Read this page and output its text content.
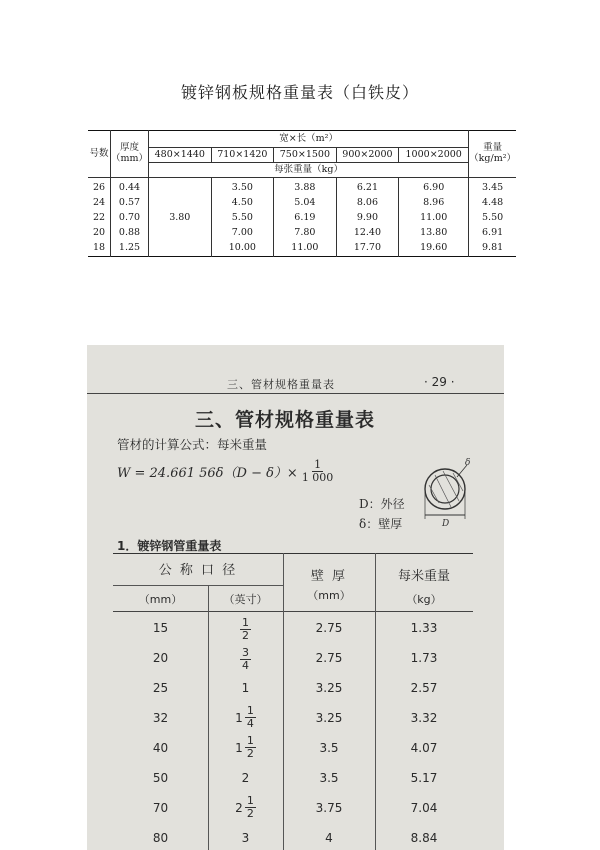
镀锌钢板规格重量表（白铁皮）
号数	厚度（mm）	宽×长（m²）					重量（kg/m²）
		480×1440	710×1420	750×1500	900×2000	1000×2000	
		每张重量（kg）					
26	0.44	3.80	3.50	3.88	6.21	6.90	3.45
24	0.57		4.50	5.04	8.06	8.96	4.48
22	0.70		5.50	6.19	9.90	11.00	5.50
20	0.88		7.00	7.80	12.40	13.80	6.91
18	1.25		10.00	11.00	17.70	19.60	9.81
三、管材规格重量表	· 29 ·
三、管材规格重量表
管材的计算公式：每米重量
W = 24.661 $56\delta(D - \delta)\times \frac{1}{1 000}$	δ
D
D：外径
δ：壁厚
1．镀锌钢管重量表
公 称 口 径	壁 厚	每米重量
（mm）	（英寸）	（mm）	（kg）
15	$\frac{1}{2}$	2.75	1.33
20	$\frac{3}{4}$	2.75	1.73
25	1	3.25	2.57
32	$1 \frac{1}{4}$	3.25	3.32
40	$1 \frac{1}{2}$	3.5	4.07
50	2	3.5	5.17
70	$2 \frac{1}{2}$	3.75	7.04
80	3	4	8.84
